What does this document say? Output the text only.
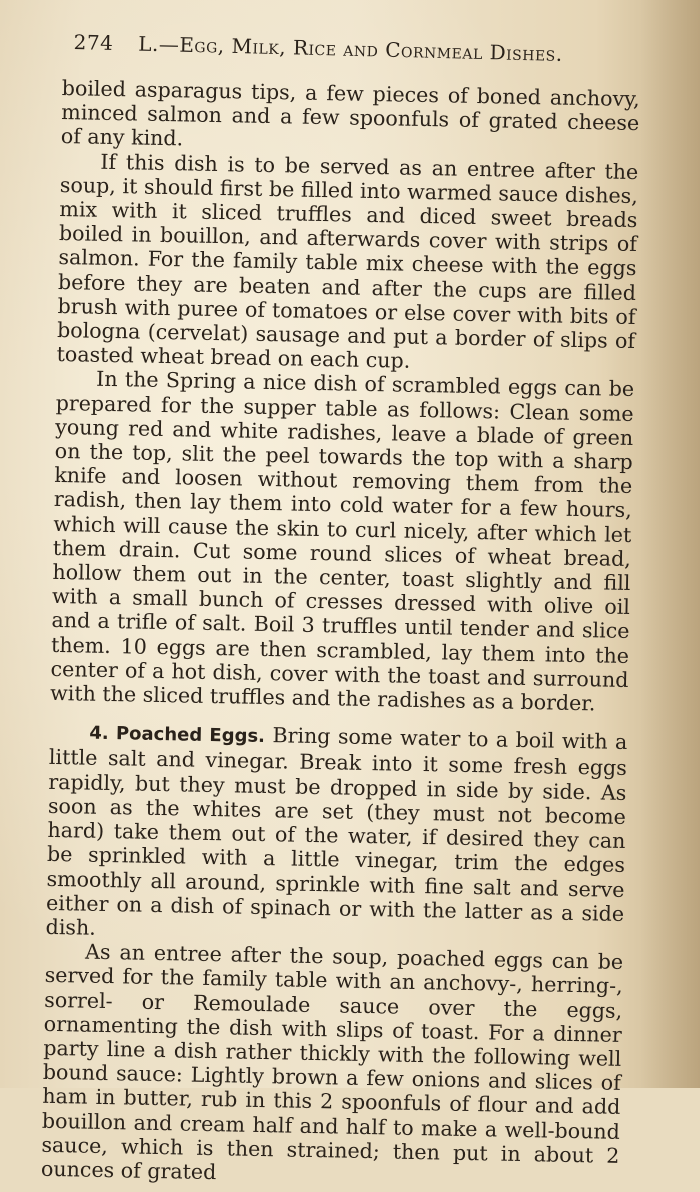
274 L.—Egg, Milk, Rice and Cornmeal Dishes.

boiled asparagus tips, a few pieces of boned anchovy, minced salmon and a few spoonfuls of grated cheese of any kind.

If this dish is to be served as an entree after the soup, it should first be filled into warmed sauce dishes, mix with it sliced truffles and diced sweet breads boiled in bouillon, and afterwards cover with strips of salmon. For the family table mix cheese with the eggs before they are beaten and after the cups are filled brush with puree of tomatoes or else cover with bits of bologna (cervelat) sausage and put a border of slips of toasted wheat bread on each cup.

In the Spring a nice dish of scrambled eggs can be prepared for the supper table as follows: Clean some young red and white radishes, leave a blade of green on the top, slit the peel towards the top with a sharp knife and loosen without removing them from the radish, then lay them into cold water for a few hours, which will cause the skin to curl nicely, after which let them drain. Cut some round slices of wheat bread, hollow them out in the center, toast slightly and fill with a small bunch of cresses dressed with olive oil and a trifle of salt. Boil 3 truffles until tender and slice them. 10 eggs are then scrambled, lay them into the center of a hot dish, cover with the toast and surround with the sliced truffles and the radishes as a border.

4. Poached Eggs. Bring some water to a boil with a little salt and vinegar. Break into it some fresh eggs rapidly, but they must be dropped in side by side. As soon as the whites are set (they must not become hard) take them out of the water, if desired they can be sprinkled with a little vinegar, trim the edges smoothly all around, sprinkle with fine salt and serve either on a dish of spinach or with the latter as a side dish.

As an entree after the soup, poached eggs can be served for the family table with an anchovy-, herring-, sorrel- or Remoulade sauce over the eggs, ornamenting the dish with slips of toast. For a dinner party line a dish rather thickly with the following well bound sauce: Lightly brown a few onions and slices of ham in butter, rub in this 2 spoonfuls of flour and add bouillon and cream half and half to make a well-bound sauce, which is then strained; then put in about 2 ounces of grated
